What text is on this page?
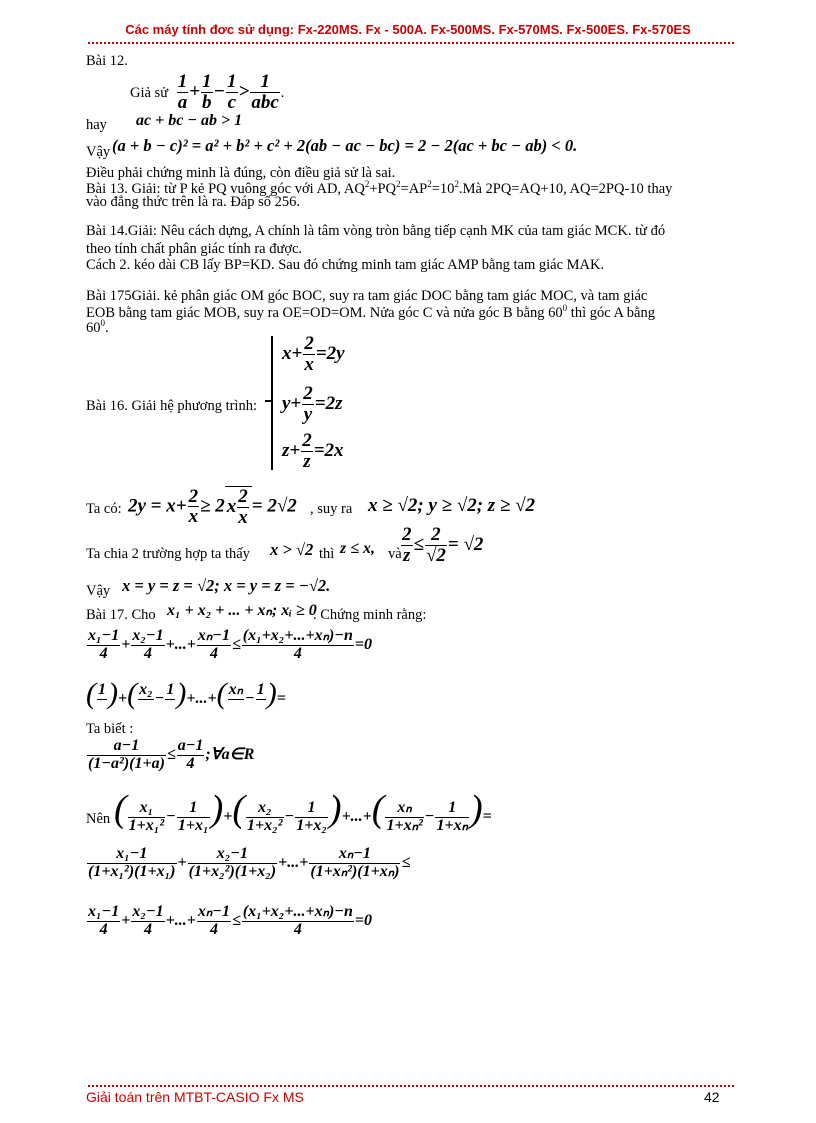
Các máy tính đơc sử dụng: Fx-220MS. Fx - 500A. Fx-500MS. Fx-570MS. Fx-500ES. Fx-570ES
Bài 12.
Giả sử $\frac{1}{a} + \frac{1}{b} - \frac{1}{c} > \frac{1}{\text{abc}}$ .
hay ac + bc − ab > 1
Vậy (a + b − c)² = a² + b² + c² + 2(ab − ac − bc) = 2 − 2(ac + bc − ab) < 0.
Điều phải chứng minh là đúng, còn điều giả sử là sai.
Bài 13. Giải: từ P kẻ PQ vuông góc với AD, $AQ^2+PQ^2=AP^2=10^2.Mà$ 2PQ=AQ+10, AQ=2PQ-10 thay
vào đẳng thức trên là ra. Đáp số 256.
Bài 14.Giải: Nêu cách dựng, A chính là tâm vòng tròn bằng tiếp cạnh MK của tam giác MCK. từ đó
theo tính chất phân giác tính ra được.
Cách 2. kéo dài CB lấy BP=KD. Sau đó chứng minh tam giác AMP bằng tam giác MAK.
Bài 175Giải. kẻ phân giác OM góc BOC, suy ra tam giác DOC bằng tam giác MOC, và tam giác
EOB bằng tam giác MOB, suy ra OE=OD=OM. Nửa góc C và nửa góc B bằng $60^0$ thì góc A bằng
$60^0$.
Bài 16. Giải hệ phương trình:
$x+ \frac{2}{x} =2y$
$y+ \frac{2}{y} =2z$
$z+ \frac{2}{z} =2x$
Ta có: $2y = x+ \frac{2}{x} \ge 2$ x $\frac{2}{x} = 2√2$ , suy ra x ≥ √2; y ≥ √2; z ≥ √2
Ta chia 2 trường hợp ta thấy x > √2 thì z ≤ x, và $\frac{2}{z} \le \frac{2}{√2} = √2$
Vậy x = y = z = √2; x = y = z = −√2.
Bài 17. Cho x₁ + x₂ + ... + xₙ; xᵢ ≥ 0
. Chứng minh rằng:
$\frac{\text{x₁−1}}{4} + \frac{\text{x₂−1}}{4}$ +...+ $\frac{\text{xₙ−1}}{4} \le \frac{\text{(x₁+x₂+...+xₙ)−n}}{4} =0$
( 1
)+( x₂

−
1
)+...+( xₙ

−
1
)=
Ta biết :
$\frac{a-1}{\text{(1−a²)(1+a)}} \le \frac{a-1}{4}$ ;∀a∈R
Nên ( $\frac{\text{x₁}}{\text{1+x₁²}} - \frac{1}{\text{1+x₁}}$ )+( $\frac{\text{x₂}}{\text{1+x₂²}} - \frac{1}{\text{1+x₂}}$ )+...+( $\frac{\text{xₙ}}{\text{1+xₙ²}} - \frac{1}{\text{1+xₙ}}$ )=
$\frac{\text{x₁−1}}{\text{(1+x₁²)(1+x₁)}} + \frac{\text{x₂−1}}{\text{(1+x₂²)(1+x₂)}}$ +...+ $\frac{\text{xₙ−1}}{\text{(1+xₙ²)(1+xₙ)}}$ ≤
$\frac{\text{x₁−1}}{4} + \frac{\text{x₂−1}}{4}$ +...+ $\frac{\text{xₙ−1}}{4} \le \frac{\text{(x₁+x₂+...+xₙ)−n}}{4} =0$
Giải toán trên MTBT-CASIO Fx MS	42
